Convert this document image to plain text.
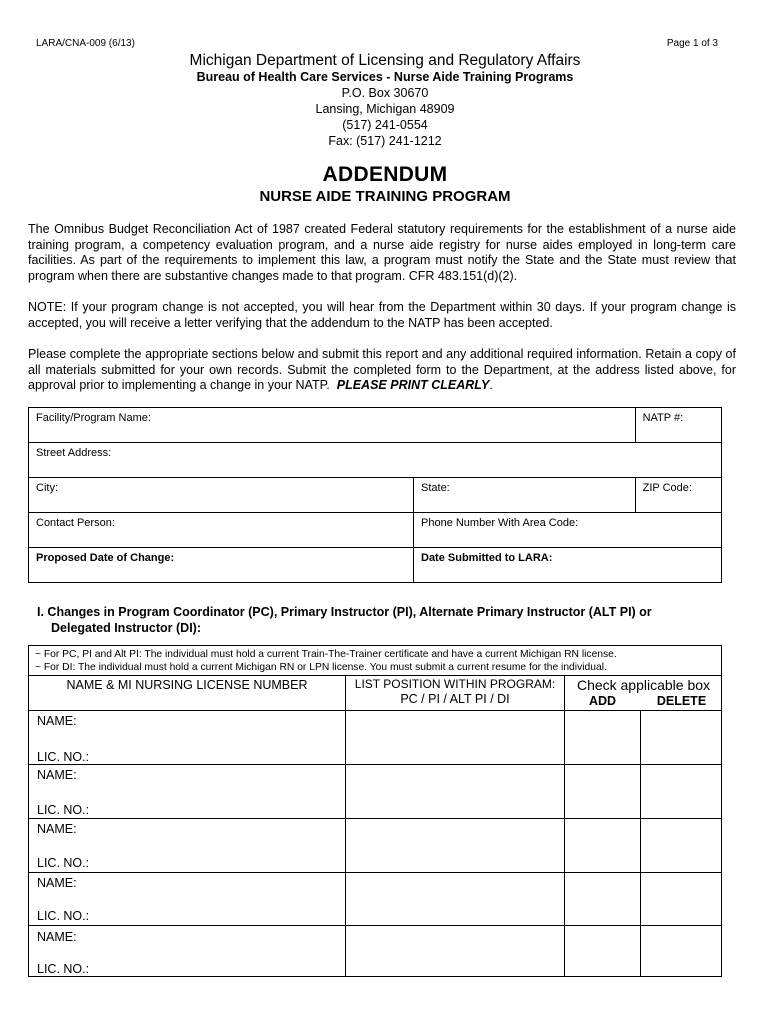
LARA/CNA-009 (6/13)	Page 1 of 3
Michigan Department of Licensing and Regulatory Affairs
Bureau of Health Care Services - Nurse Aide Training Programs
P.O. Box 30670
Lansing, Michigan 48909
(517) 241-0554
Fax: (517) 241-1212
ADDENDUM
NURSE AIDE TRAINING PROGRAM
The Omnibus Budget Reconciliation Act of 1987 created Federal statutory requirements for the establishment of a nurse aide training program, a competency evaluation program, and a nurse aide registry for nurse aides employed in long-term care facilities. As part of the requirements to implement this law, a program must notify the State and the State must review that program when there are substantive changes made to that program. CFR 483.151(d)(2).
NOTE: If your program change is not accepted, you will hear from the Department within 30 days. If your program change is accepted, you will receive a letter verifying that the addendum to the NATP has been accepted.
Please complete the appropriate sections below and submit this report and any additional required information. Retain a copy of all materials submitted for your own records. Submit the completed form to the Department, at the address listed above, for approval prior to implementing a change in your NATP. PLEASE PRINT CLEARLY.
Facility/Program Name:		NATP #:
Street Address:		
City:	State:	ZIP Code:
Contact Person:	Phone Number With Area Code:	
Proposed Date of Change:	Date Submitted to LARA:	
I. Changes in Program Coordinator (PC), Primary Instructor (PI), Alternate Primary Instructor (ALT PI) or
Delegated Instructor (DI):
~ For PC, PI and Alt PI: The individual must hold a current Train-The-Trainer certificate and have a current Michigan RN license.
~ For DI: The individual must hold a current Michigan RN or LPN license. You must submit a current resume for the individual.
NAME & MI NURSING LICENSE NUMBER	LIST POSITION WITHIN PROGRAM:
PC / PI / ALT PI / DI
Check applicable box
ADD	DELETE
NAME:
LIC. NO.:
NAME:
LIC. NO.:
NAME:
LIC. NO.:
NAME:
LIC. NO.:
NAME:
LIC. NO.:
